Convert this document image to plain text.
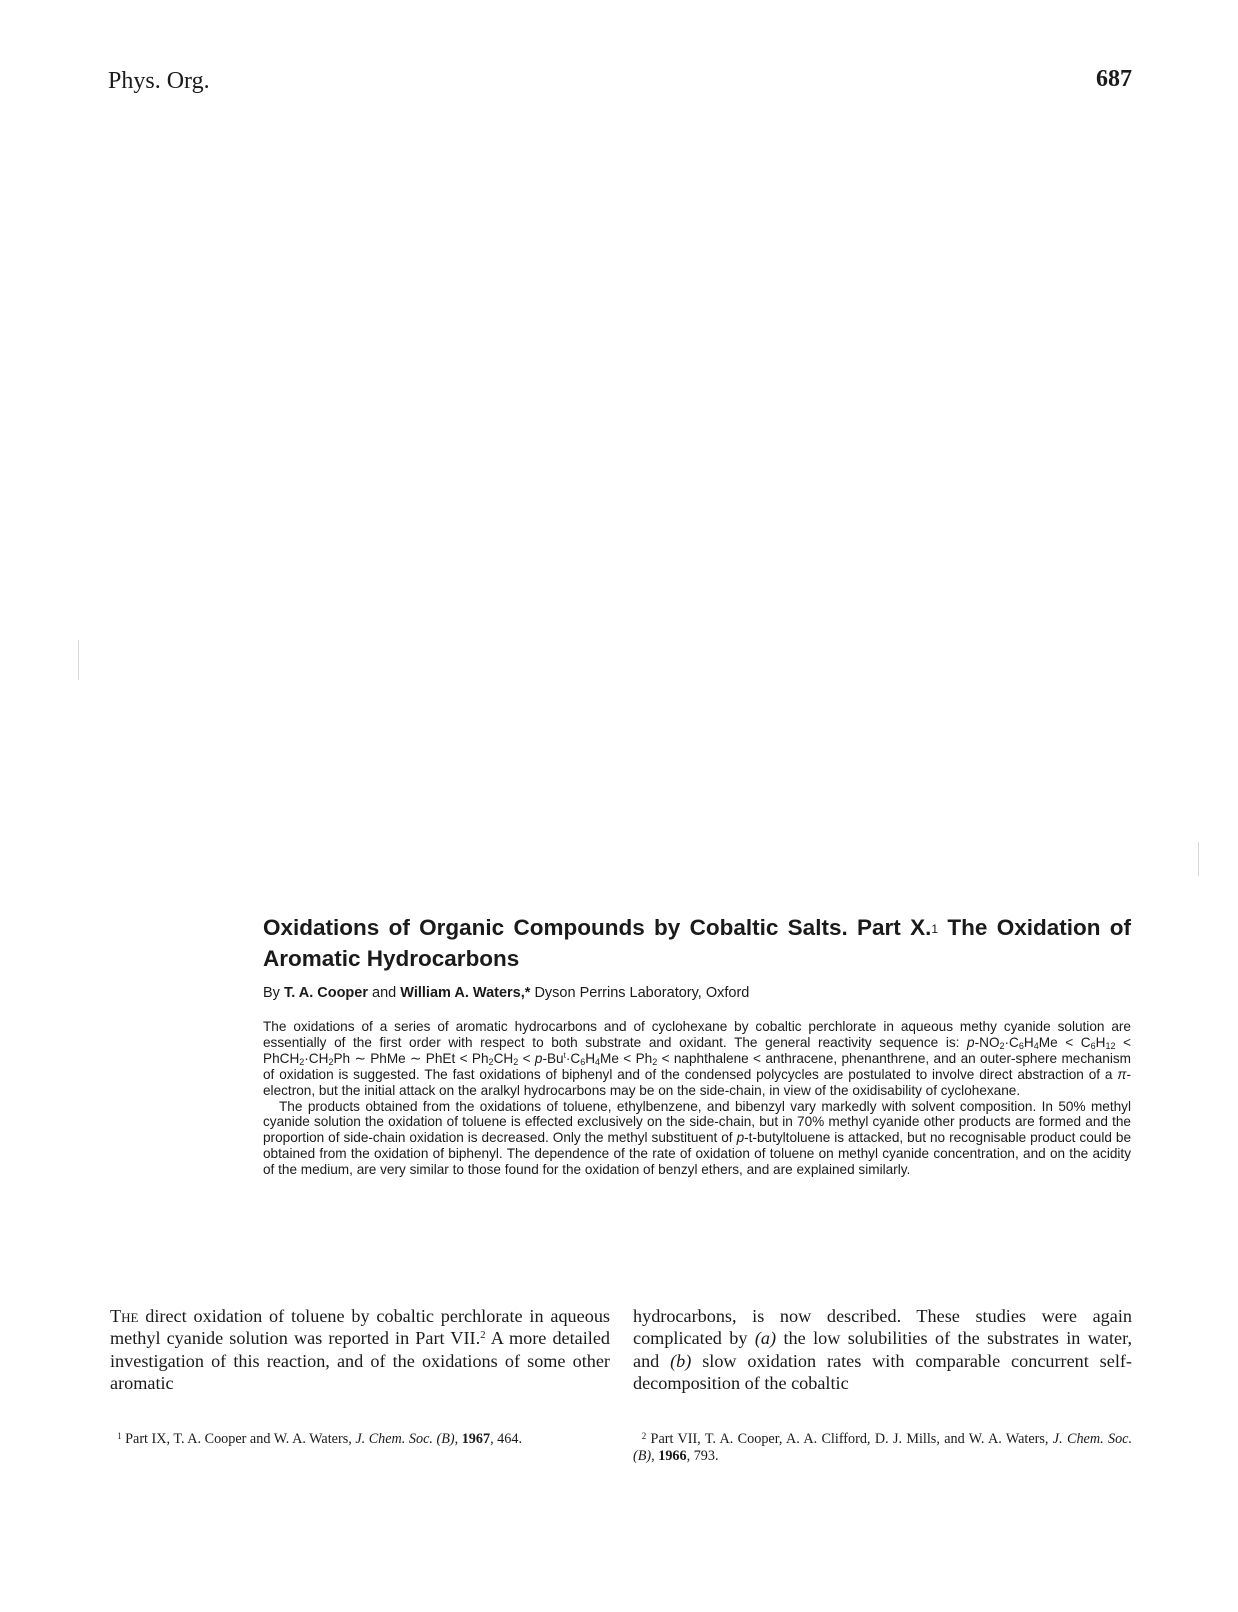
Phys. Org.	687
Oxidations of Organic Compounds by Cobaltic Salts. Part X.$^1$ The Oxidation of Aromatic Hydrocarbons
By T. A. Cooper and William A. Waters,* Dyson Perrins Laboratory, Oxford

The oxidations of a series of aromatic hydrocarbons and of cyclohexane by cobaltic perchlorate in aqueous methy cyanide solution are essentially of the first order with respect to both substrate and oxidant. The general reactivity sequence is: $p-NO_2\cdot C_6H_4Me < C_6H_{12}$ < $PhCH_2\cdot CH_2Ph$ ∼ PhMe ∼ PhEt < $Ph_2CH_2 < p-Bu^t\cdot C_6H_4Me < Ph_2$ < naphthalene < anthracene, phenanthrene, and an outer-sphere mechanism of oxidation is suggested. The fast oxidations of biphenyl and of the condensed polycycles are postulated to involve direct abstraction of a π-electron, but the initial attack on the aralkyl hydrocarbons may be on the side-chain, in view of the oxidisability of cyclohexane.

The products obtained from the oxidations of toluene, ethylbenzene, and bibenzyl vary markedly with solvent composition. In 50% methyl cyanide solution the oxidation of toluene is effected exclusively on the side-chain, but in 70% methyl cyanide other products are formed and the proportion of side-chain oxidation is decreased. Only the methyl substituent of p-t-butyltoluene is attacked, but no recognisable product could be obtained from the oxidation of biphenyl. The dependence of the rate of oxidation of toluene on methyl cyanide concentration, and on the acidity of the medium, are very similar to those found for the oxidation of benzyl ethers, and are explained similarly.

The direct oxidation of toluene by cobaltic perchlorate in aqueous methyl cyanide solution was reported in Part VII.$^2$ A more detailed investigation of this reaction, and of the oxidations of some other aromatic
hydrocarbons, is now described. These studies were again complicated by (a) the low solubilities of the substrates in water, and (b) slow oxidation rates with comparable concurrent self-decomposition of the cobaltic
$^1$ Part IX, T. A. Cooper and W. A. Waters, J. Chem. Soc. (B), 1967, 464.	$^2$ Part VII, T. A. Cooper, A. A. Clifford, D. J. Mills, and W. A. Waters, J. Chem. Soc. (B), 1966, 793.
